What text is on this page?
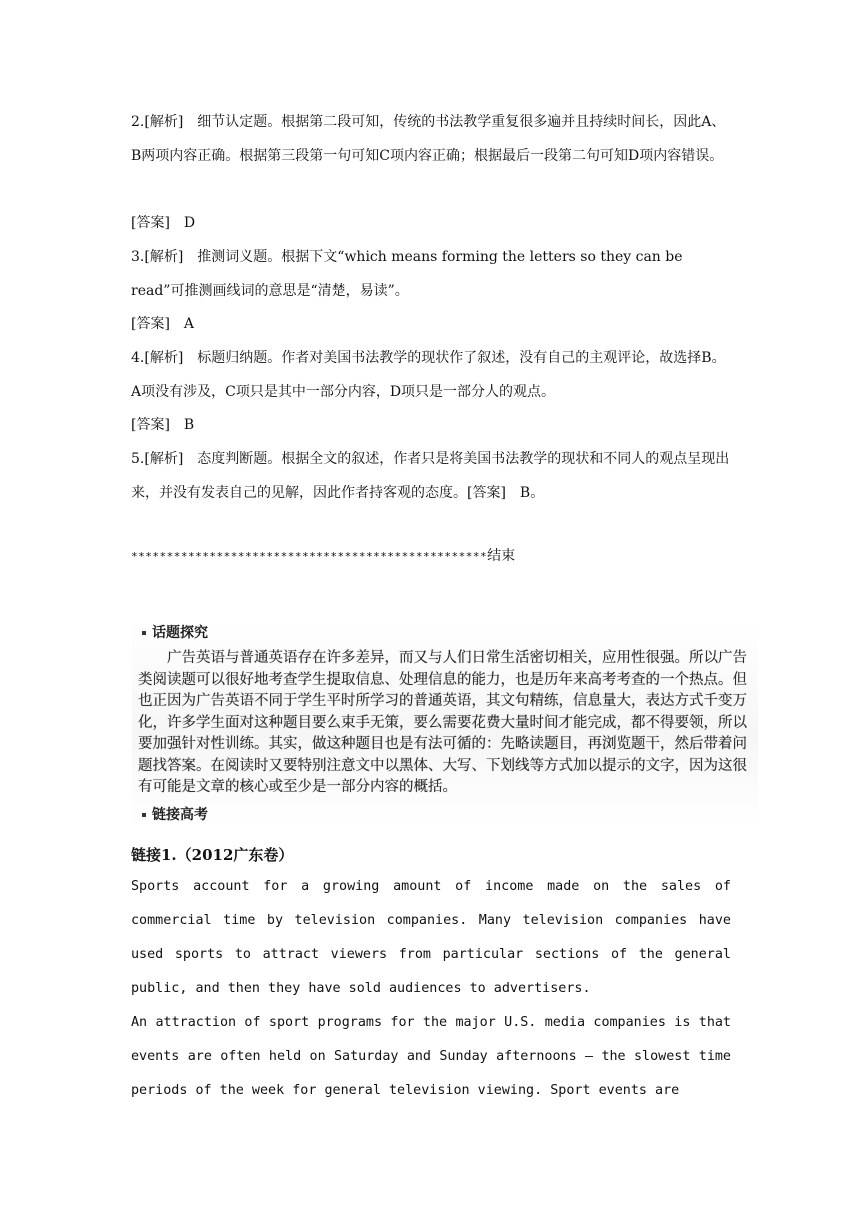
2.[解析]　细节认定题。根据第二段可知，传统的书法教学重复很多遍并且持续时间长，因此A、B两项内容正确。根据第三段第一句可知C项内容正确；根据最后一段第二句可知D项内容错误。

[答案]　D

3.[解析]　推测词义题。根据下文“which means forming the letters so they can be read”可推测画线词的意思是“清楚，易读”。

[答案]　A

4.[解析]　标题归纳题。作者对美国书法教学的现状作了叙述，没有自己的主观评论，故选择B。A项没有涉及，C项只是其中一部分内容，D项只是一部分人的观点。

[答案]　B

5.[解析]　态度判断题。根据全文的叙述，作者只是将美国书法教学的现状和不同人的观点呈现出来，并没有发表自己的见解，因此作者持客观的态度。[答案]　B。

**************************************************结束
话题探究

广告英语与普通英语存在许多差异，而又与人们日常生活密切相关，应用性很强。所以广告类阅读题可以很好地考查学生提取信息、处理信息的能力，也是历年来高考考查的一个热点。但也正因为广告英语不同于学生平时所学习的普通英语，其文句精练，信息量大，表达方式千变万化，许多学生面对这种题目要么束手无策，要么需要花费大量时间才能完成，都不得要领，所以要加强针对性训练。其实，做这种题目也是有法可循的：先略读题目，再浏览题干，然后带着问题找答案。在阅读时又要特别注意文中以黑体、大写、下划线等方式加以提示的文字，因为这很有可能是文章的核心或至少是一部分内容的概括。

链接高考
链接1.（2012广东卷）

Sports account for a growing amount of income made on the sales of commercial time by television companies. Many television companies have used sports to attract viewers from particular sections of the general public, and then they have sold audiences to advertisers.

An attraction of sport programs for the major U.S. media companies is that events are often held on Saturday and Sunday afternoons – the slowest time periods of the week for general television viewing. Sport events are
